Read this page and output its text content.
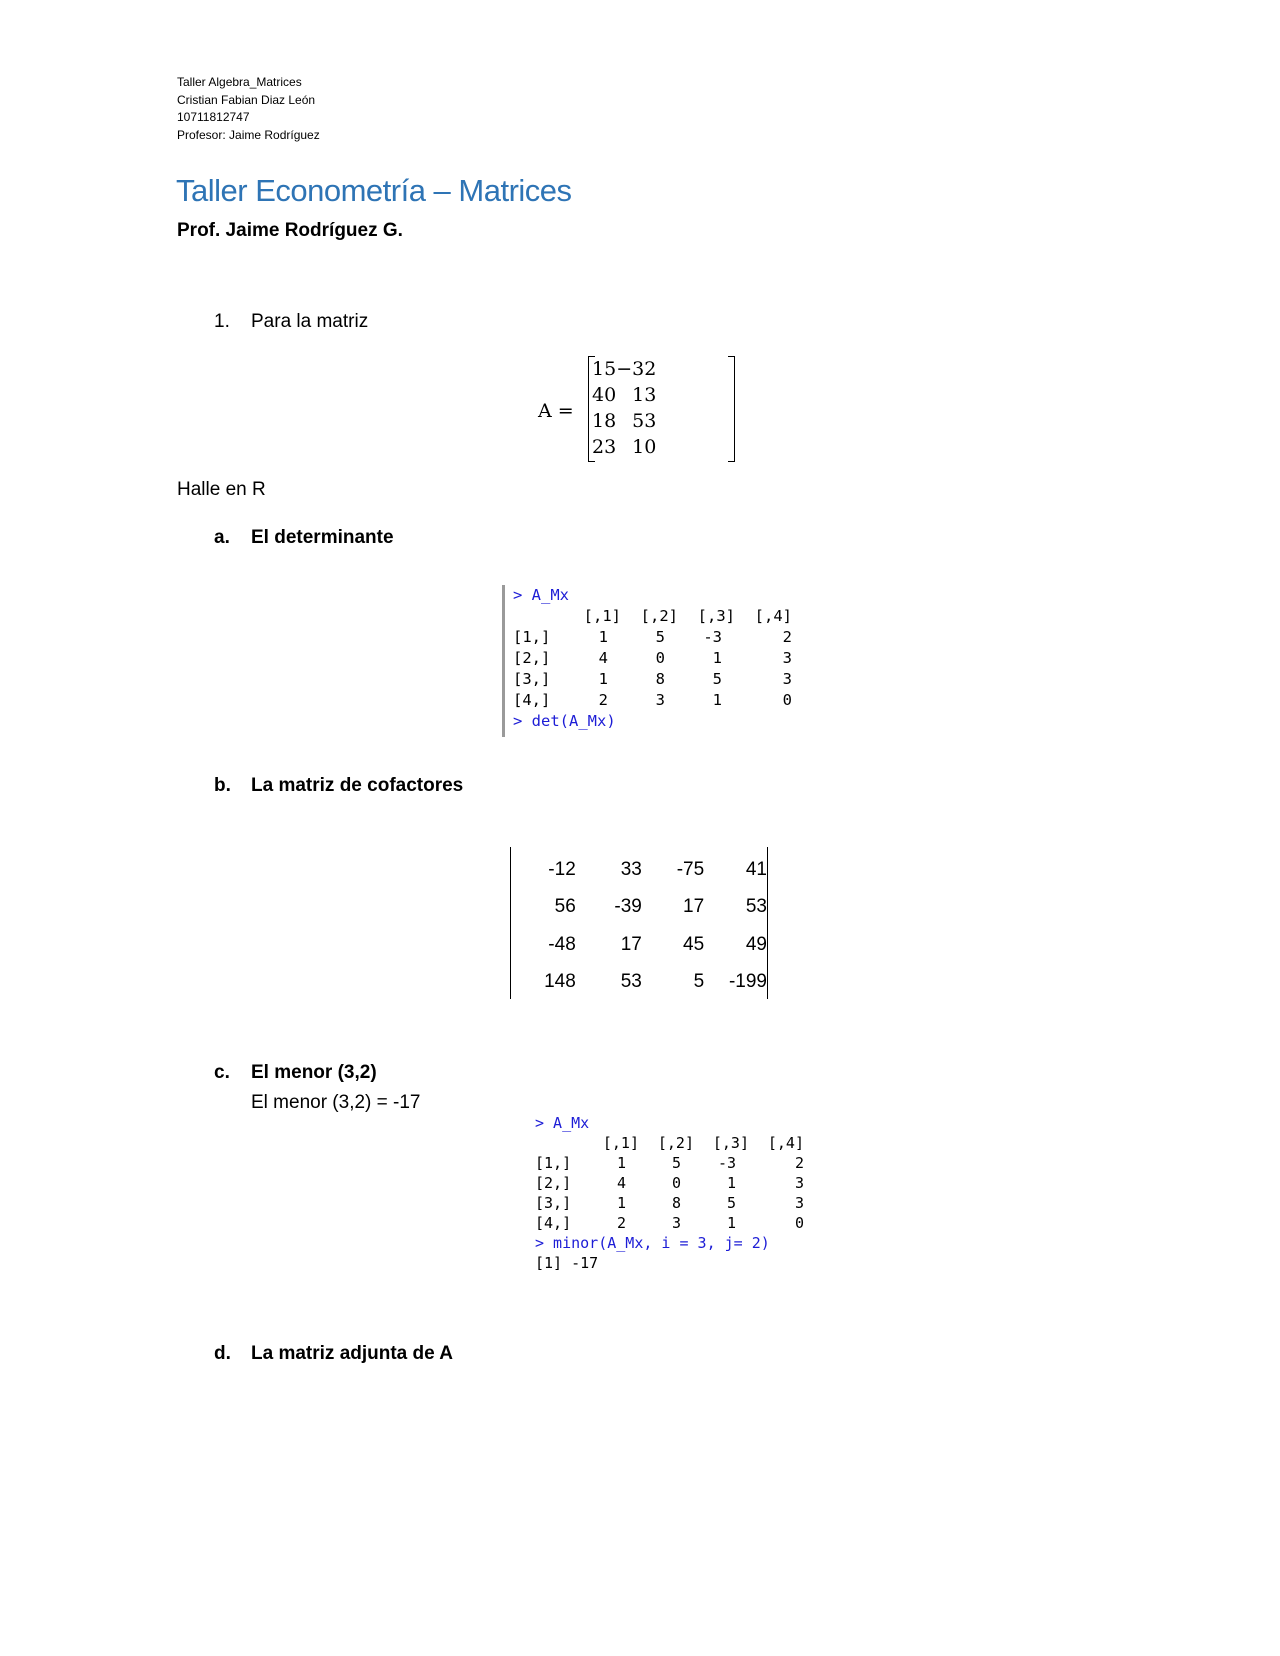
Taller Algebra_Matrices
Cristian Fabian Diaz León
10711812747
Profesor: Jaime Rodríguez
Taller Econometría – Matrices
Prof. Jaime Rodríguez G.
1. Para la matriz
A =
1	5	−3	2
4	0	1	3
1	8	5	3
2	3	1	0
Halle en R
a. El determinante
> A_Mx
	[,1]	[,2]	[,3]	[,4]
[1,]	1	5	-3	2
[2,]	4	0	1	3
[3,]	1	8	5	3
[4,]	2	3	1	0
> det(A_Mx)
b. La matriz de cofactores
-12	33	-75	41
56	-39	17	53
-48	17	45	49
148	53	5	-199
c. El menor (3,2)
El menor (3,2) = -17
> A_Mx
	[,1]	[,2]	[,3]	[,4]
[1,]	1	5	-3	2
[2,]	4	0	1	3
[3,]	1	8	5	3
[4,]	2	3	1	0
> minor(A_Mx, i = 3, j= 2)
[1] -17
d. La matriz adjunta de A
